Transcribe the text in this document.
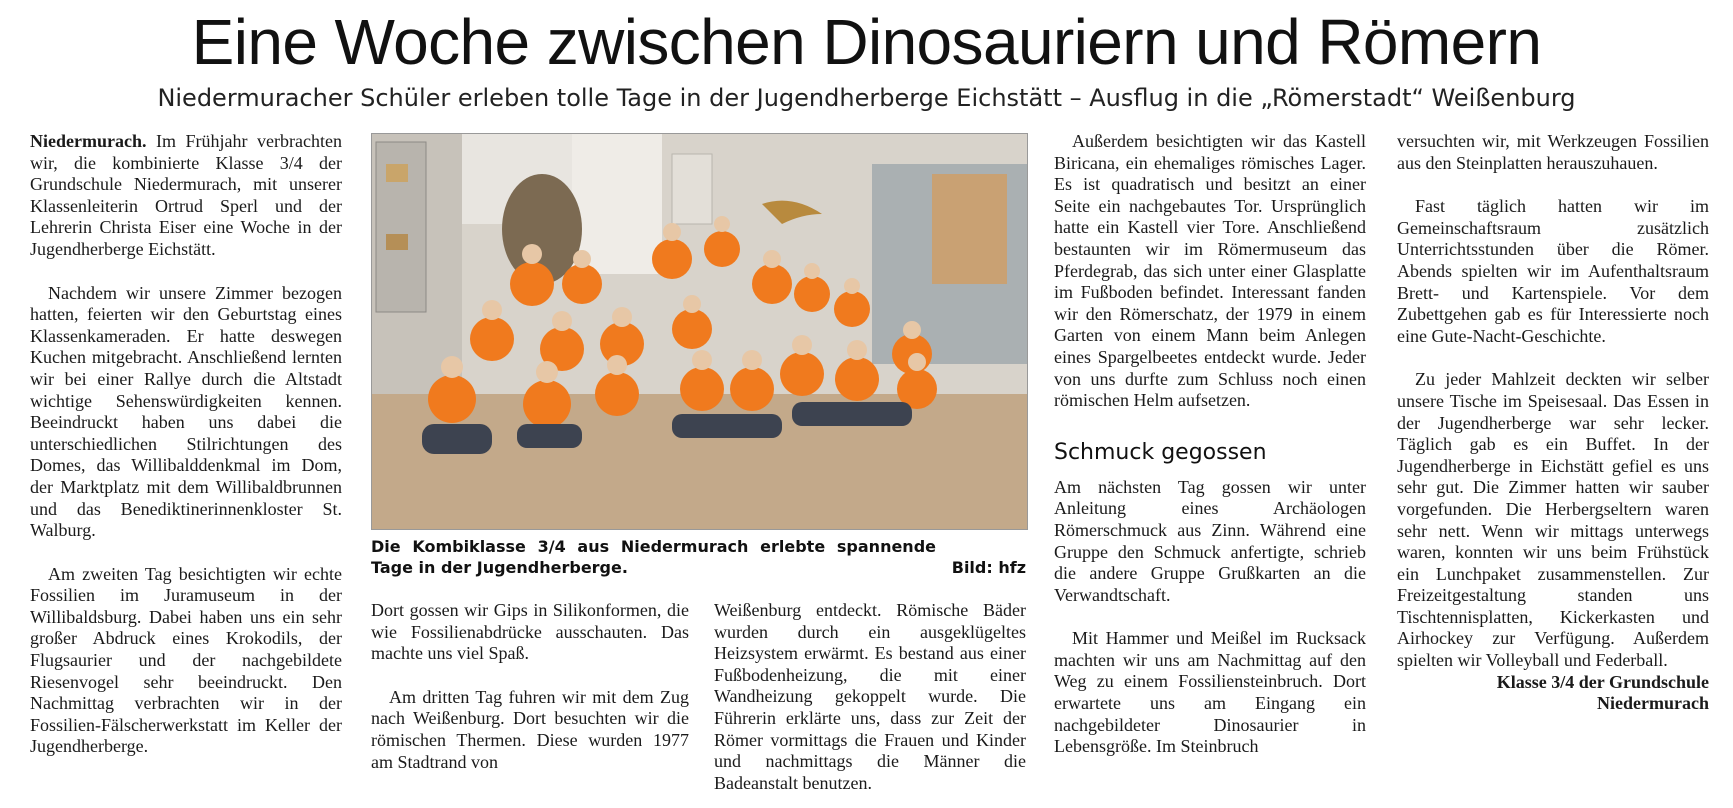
Eine Woche zwischen Dinosauriern und Römern
Niedermuracher Schüler erleben tolle Tage in der Jugendherberge Eichstätt – Ausflug in die „Römerstadt“ Weißenburg

Niedermurach. Im Frühjahr verbrachten wir, die kombinierte Klasse 3/4 der Grundschule Niedermurach, mit unserer Klassenleiterin Ortrud Sperl und der Lehrerin Christa Eiser eine Woche in der Jugendherberge Eichstätt.

Nachdem wir unsere Zimmer bezogen hatten, feierten wir den Geburtstag eines Klassenkameraden. Er hatte deswegen Kuchen mitgebracht. Anschließend lernten wir bei einer Rallye durch die Altstadt wichtige Sehenswürdigkeiten kennen. Beeindruckt haben uns dabei die unterschiedlichen Stilrichtungen des Domes, das Willibalddenkmal im Dom, der Marktplatz mit dem Willibaldbrunnen und das Benediktinerinnenkloster St. Walburg.

Am zweiten Tag besichtigten wir echte Fossilien im Juramuseum in der Willibaldsburg. Dabei haben uns ein sehr großer Abdruck eines Krokodils, der Flugsaurier und der nachgebildete Riesenvogel sehr beeindruckt. Den Nachmittag verbrachten wir in der Fossilien-Fälscherwerkstatt im Keller der Jugendherberge.

Die Kombiklasse 3/4 aus Niedermurach erlebte spannende Tage in der Jugendherberge.	Bild: hfz

Dort gossen wir Gips in Silikonformen, die wie Fossilienabdrücke ausschauten. Das machte uns viel Spaß.

Am dritten Tag fuhren wir mit dem Zug nach Weißenburg. Dort besuchten wir die römischen Thermen. Diese wurden 1977 am Stadtrand von

Weißenburg entdeckt. Römische Bäder wurden durch ein ausgeklügeltes Heizsystem erwärmt. Es bestand aus einer Fußbodenheizung, die mit einer Wandheizung gekoppelt wurde. Die Führerin erklärte uns, dass zur Zeit der Römer vormittags die Frauen und Kinder und nachmittags die Männer die Badeanstalt benutzen.

Außerdem besichtigten wir das Kastell Biricana, ein ehemaliges römisches Lager. Es ist quadratisch und besitzt an einer Seite ein nachgebautes Tor. Ursprünglich hatte ein Kastell vier Tore. Anschließend bestaunten wir im Römermuseum das Pferdegrab, das sich unter einer Glasplatte im Fußboden befindet. Interessant fanden wir den Römerschatz, der 1979 in einem Garten von einem Mann beim Anlegen eines Spargelbeetes entdeckt wurde. Jeder von uns durfte zum Schluss noch einen römischen Helm aufsetzen.

Schmuck gegossen

Am nächsten Tag gossen wir unter Anleitung eines Archäologen Römerschmuck aus Zinn. Während eine Gruppe den Schmuck anfertigte, schrieb die andere Gruppe Grußkarten an die Verwandtschaft.

Mit Hammer und Meißel im Rucksack machten wir uns am Nachmittag auf den Weg zu einem Fossiliensteinbruch. Dort erwartete uns am Eingang ein nachgebildeter Dinosaurier in Lebensgröße. Im Steinbruch

versuchten wir, mit Werkzeugen Fossilien aus den Steinplatten herauszuhauen.

Fast täglich hatten wir im Gemeinschaftsraum zusätzlich Unterrichtsstunden über die Römer. Abends spielten wir im Aufenthaltsraum Brett- und Kartenspiele. Vor dem Zubettgehen gab es für Interessierte noch eine Gute-Nacht-Geschichte.

Zu jeder Mahlzeit deckten wir selber unsere Tische im Speisesaal. Das Essen in der Jugendherberge war sehr lecker. Täglich gab es ein Buffet. In der Jugendherberge in Eichstätt gefiel es uns sehr gut. Die Zimmer hatten wir sauber vorgefunden. Die Herbergseltern waren sehr nett. Wenn wir mittags unterwegs waren, konnten wir uns beim Frühstück ein Lunchpaket zusammenstellen. Zur Freizeitgestaltung standen uns Tischtennisplatten, Kickerkasten und Airhockey zur Verfügung. Außerdem spielten wir Volleyball und Federball.

Klasse 3/4 der Grundschule
Niedermurach
